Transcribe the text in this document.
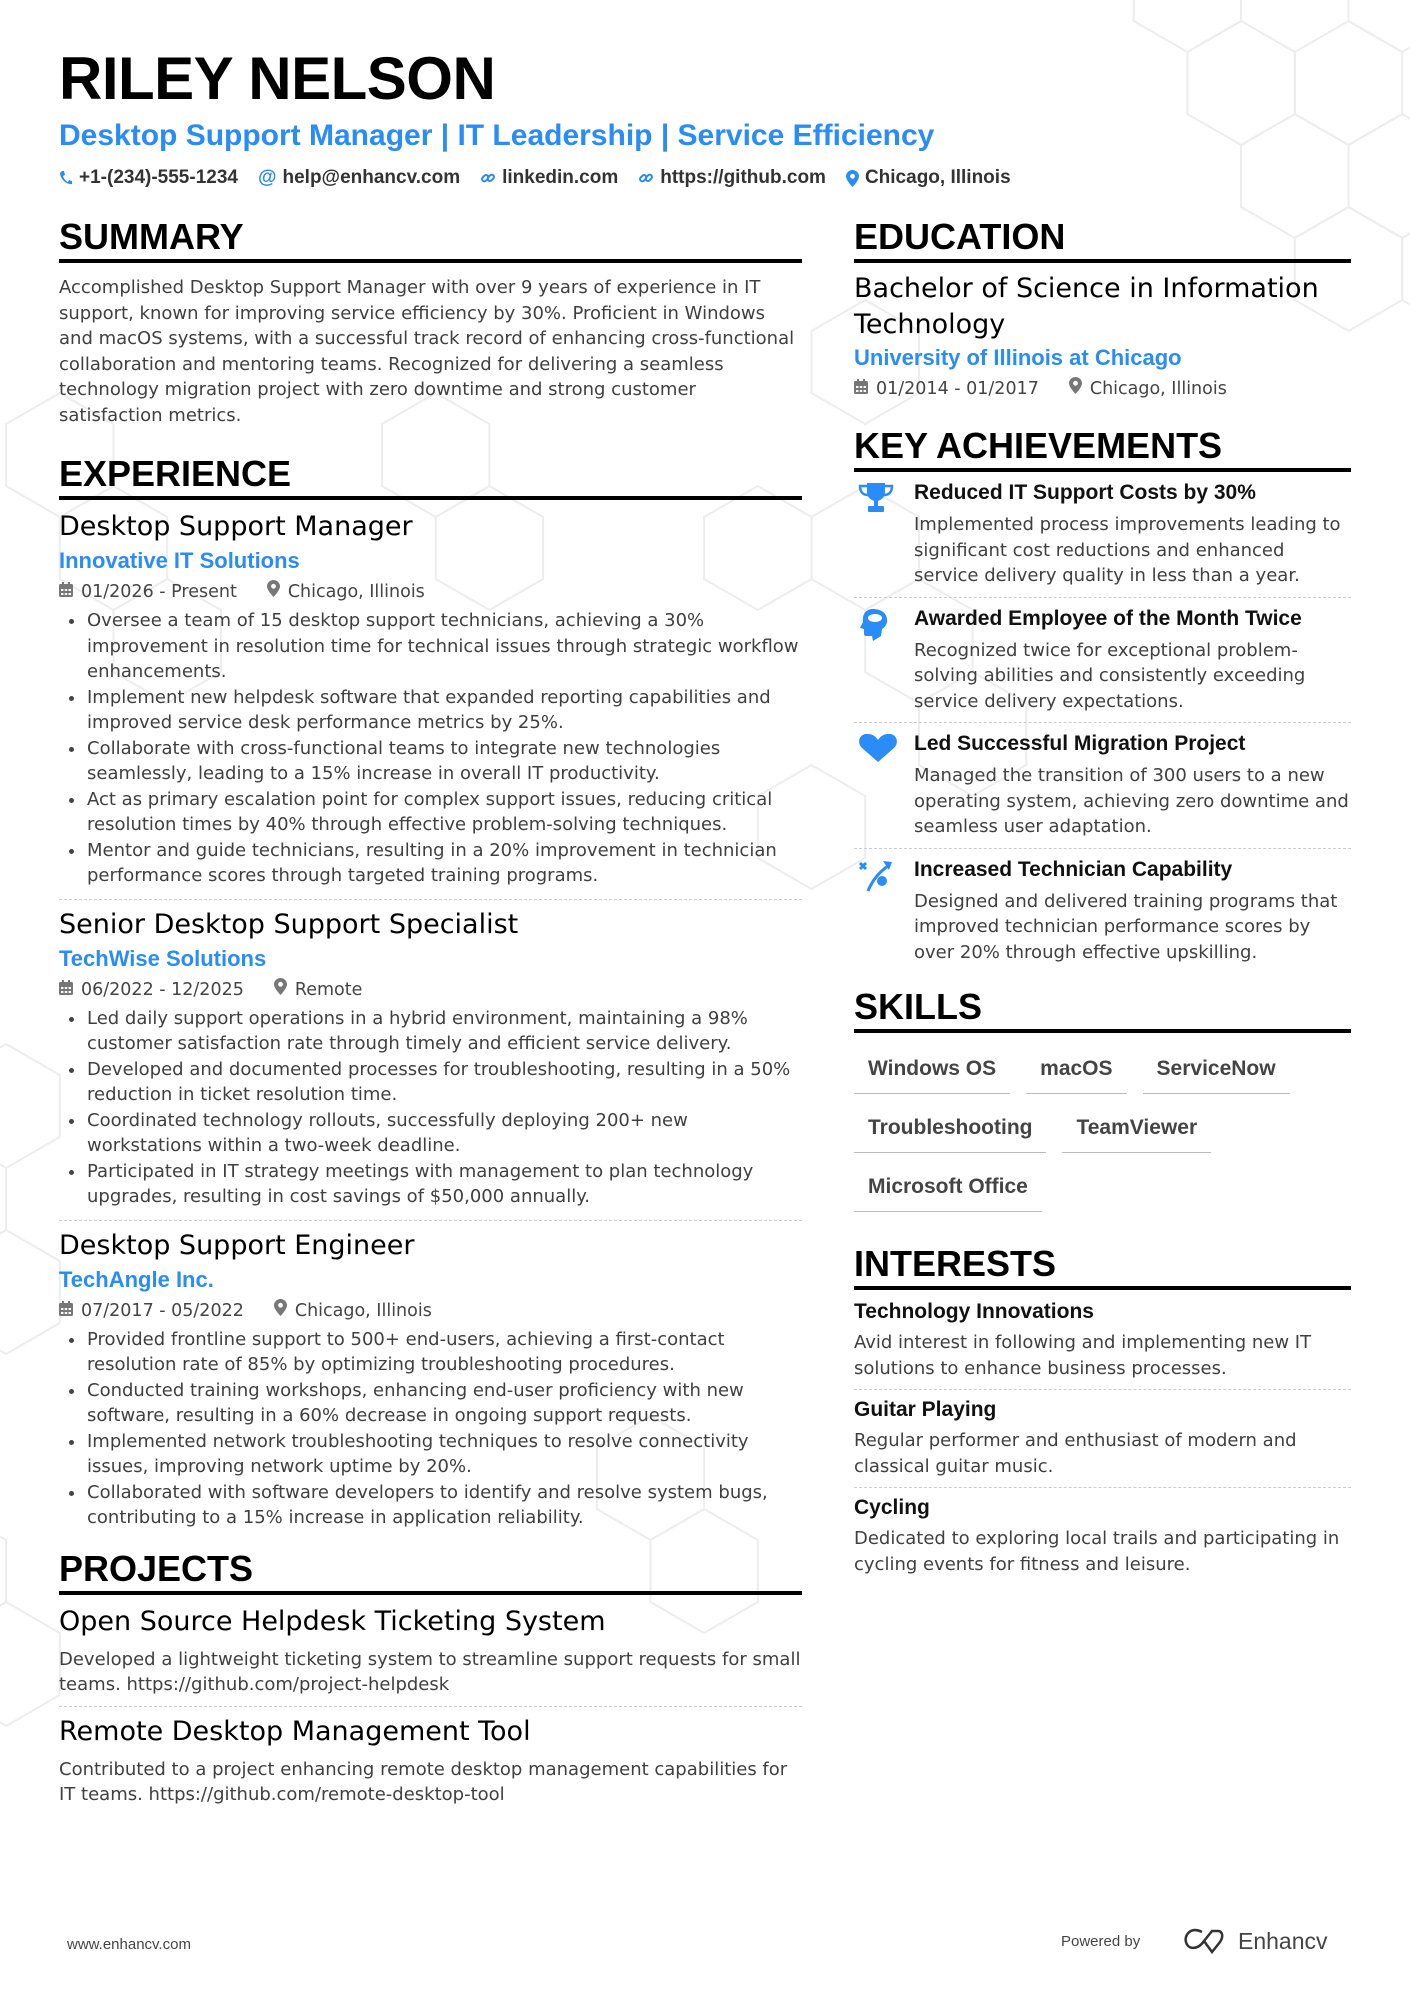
RILEY NELSON
Desktop Support Manager | IT Leadership | Service Efficiency
+1-(234)-555-1234 @ help@enhancv.com linkedin.com https://github.com Chicago, Illinois
SUMMARY

Accomplished Desktop Support Manager with over 9 years of experience in IT support, known for improving service efficiency by 30%. Proficient in Windows and macOS systems, with a successful track record of enhancing cross-functional collaboration and mentoring teams. Recognized for delivering a seamless technology migration project with zero downtime and strong customer satisfaction metrics.

EXPERIENCE
Desktop Support Manager
Innovative IT Solutions
01/2026 - Present	Chicago, Illinois
Oversee a team of 15 desktop support technicians, achieving a 30% improvement in resolution time for technical issues through strategic workflow enhancements.
Implement new helpdesk software that expanded reporting capabilities and improved service desk performance metrics by 25%.
Collaborate with cross-functional teams to integrate new technologies seamlessly, leading to a 15% increase in overall IT productivity.
Act as primary escalation point for complex support issues, reducing critical resolution times by 40% through effective problem-solving techniques.
Mentor and guide technicians, resulting in a 20% improvement in technician performance scores through targeted training programs.
Senior Desktop Support Specialist
TechWise Solutions
06/2022 - 12/2025	Remote
Led daily support operations in a hybrid environment, maintaining a 98% customer satisfaction rate through timely and efficient service delivery.
Developed and documented processes for troubleshooting, resulting in a 50% reduction in ticket resolution time.
Coordinated technology rollouts, successfully deploying 200+ new workstations within a two-week deadline.
Participated in IT strategy meetings with management to plan technology upgrades, resulting in cost savings of $50,000 annually.
Desktop Support Engineer
TechAngle Inc.
07/2017 - 05/2022	Chicago, Illinois
Provided frontline support to 500+ end-users, achieving a first-contact resolution rate of 85% by optimizing troubleshooting procedures.
Conducted training workshops, enhancing end-user proficiency with new software, resulting in a 60% decrease in ongoing support requests.
Implemented network troubleshooting techniques to resolve connectivity issues, improving network uptime by 20%.
Collaborated with software developers to identify and resolve system bugs, contributing to a 15% increase in application reliability.
PROJECTS
Open Source Helpdesk Ticketing System

Developed a lightweight ticketing system to streamline support requests for small teams. https://github.com/project-helpdesk

Remote Desktop Management Tool

Contributed to a project enhancing remote desktop management capabilities for IT teams. https://github.com/remote-desktop-tool

EDUCATION
Bachelor of Science in Information Technology
University of Illinois at Chicago
01/2014 - 01/2017	Chicago, Illinois
KEY ACHIEVEMENTS
Reduced IT Support Costs by 30%

Implemented process improvements leading to significant cost reductions and enhanced service delivery quality in less than a year.

Awarded Employee of the Month Twice

Recognized twice for exceptional problem-solving abilities and consistently exceeding service delivery expectations.

Led Successful Migration Project

Managed the transition of 300 users to a new operating system, achieving zero downtime and seamless user adaptation.

Increased Technician Capability

Designed and delivered training programs that improved technician performance scores by over 20% through effective upskilling.

SKILLS
Windows OS	macOS	ServiceNow
Troubleshooting	TeamViewer
Microsoft Office
INTERESTS
Technology Innovations

Avid interest in following and implementing new IT solutions to enhance business processes.

Guitar Playing

Regular performer and enthusiast of modern and classical guitar music.

Cycling

Dedicated to exploring local trails and participating in cycling events for fitness and leisure.

www.enhancv.com	Powered by	Enhancv
